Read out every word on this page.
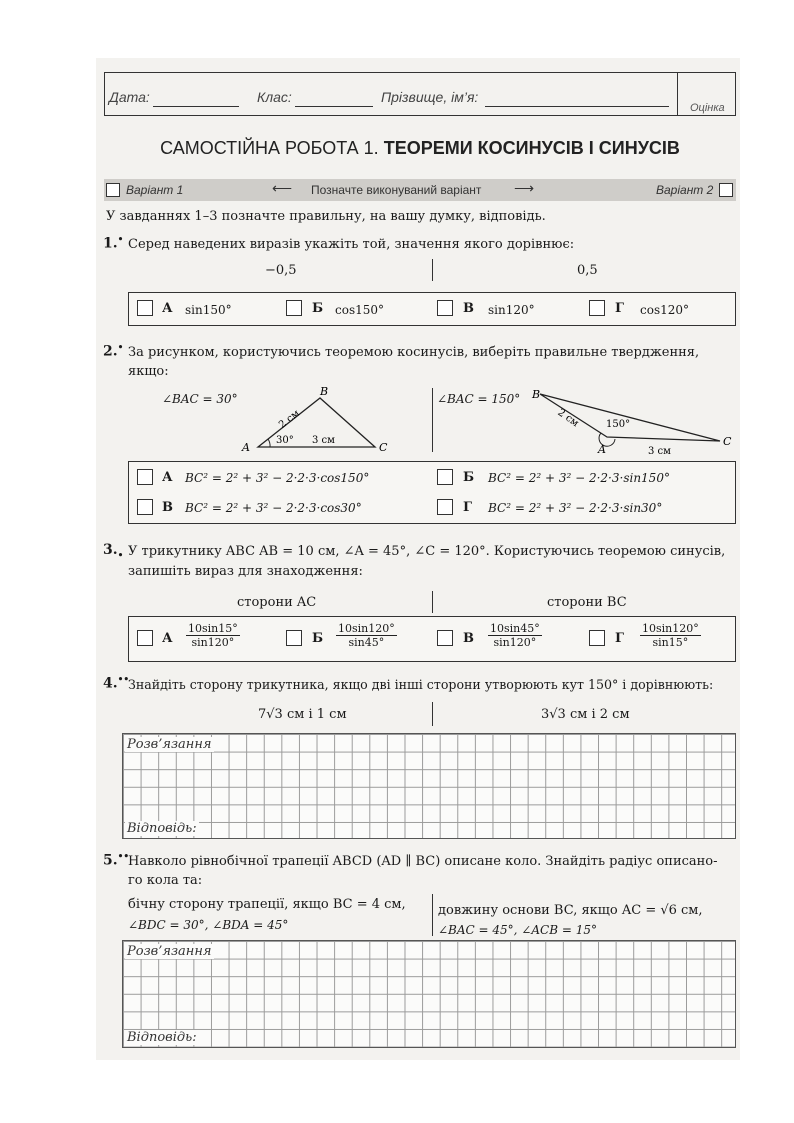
Дата:	Клас:	Прізвище, ім’я:
Оцінка
САМОСТІЙНА РОБОТА 1. ТЕОРЕМИ КОСИНУСІВ І СИНУСІВ
Варіант 1	⟵ Позначте виконуваний варіант ⟶	Варіант 2
У завданнях 1–3 позначте правильну, на вашу думку, відповідь.
1.• Серед наведених виразів укажіть той, значення якого дорівнює:
−0,5	0,5
А sin150°	Б cos150°	В sin120°	Г cos120°
2.• За рисунком, користуючись теоремою косинусів, виберіть правильне твердження,
якщо:
∠BAC = 30°	∠BAC = 150°
A
B
C
2 см
3 см
30°
A
B
C
2 см
3 см
150°
А BC² = 2² + 3² − 2·2·3·cos150°	Б BC² = 2² + 3² − 2·2·3·sin150°
В BC² = 2² + 3² − 2·2·3·cos30°	Г BC² = 2² + 3² − 2·2·3·sin30°
$3._•$ У трикутнику ABC AB = 10 см, ∠A = 45°, ∠C = 120°. Користуючись теоремою синусів,
запишіть вираз для знаходження:
сторони AC	сторони BC
А $\frac{10\sin 15^\circ}{\sin 120^\circ}$	Б $\frac{10\sin 120^\circ}{\sin 45^\circ}$	В $\frac{10\sin 45^\circ}{\sin 120^\circ}$	Г $\frac{10\sin 120^\circ}{\sin 15^\circ}$
4.••
Знайдіть сторону трикутника, якщо дві інші сторони утворюють кут 150° і дорівнюють:
7√3 см і 1 см	3√3 см і 2 см
Розв’язання
Відповідь:
5.••
Навколо рівнобічної трапеції ABCD (AD ∥ BC) описане коло. Знайдіть радіус описано-
го кола та:
бічну сторону трапеції, якщо BC = 4 см,
∠BDC = 30°, ∠BDA = 45°
довжину основи BC, якщо AC = √6 см,
∠BAC = 45°, ∠ACB = 15°
Розв’язання
Відповідь:
